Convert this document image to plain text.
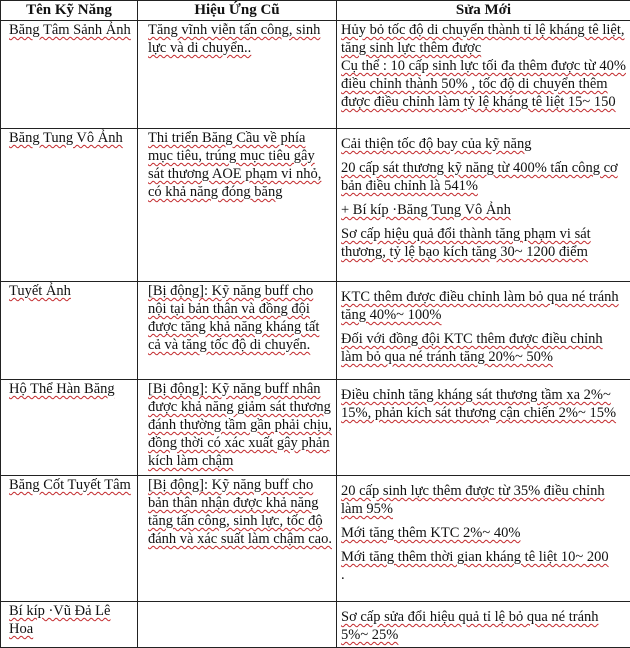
Tên Kỹ Năng	Hiệu Ứng Cũ	Sửa Mới
Băng Tâm Sảnh Ảnh	Tăng vĩnh viễn tấn công, sinh lực và di chuyển..	Hủy bỏ tốc độ di chuyển thành tỉ lệ kháng tê liệt, tăng sinh lực thêm được

Cụ thể : 10 cấp sinh lực tối đa thêm được từ 40% điều chỉnh thành 50% , tốc độ di chuyển thêm được điều chỉnh làm tỷ lệ kháng tê liệt 15~ 150

Băng Tung Vô Ảnh	Thi triển Băng Cầu về phía mục tiêu, trúng mục tiêu gây sát thương AOE phạm vi nhỏ, có khả năng đóng băng	Cải thiện tốc độ bay của kỹ năng

20 cấp sát thương kỹ năng từ 400% tấn công cơ bản điều chỉnh là 541%

+ Bí kíp ·Băng Tung Vô Ảnh

Sơ cấp hiệu quả đổi thành tăng phạm vi sát thương, tỷ lệ bạo kích tăng 30~ 1200 điểm

Tuyết Ảnh	[Bị động]: Kỹ năng buff cho nội tại bản thân và đồng đội được tăng khả năng kháng tất cả và tăng tốc độ di chuyển.	KTC thêm được điều chỉnh làm bỏ qua né tránh tăng 40%~ 100%

Đối với đồng đội KTC thêm được điều chỉnh làm bỏ qua né tránh tăng 20%~ 50%

Hộ Thể Hàn Băng	[Bị động]: Kỹ năng buff nhân được khả năng giảm sát thương đánh thường tầm gần phải chịu, đồng thời có xác xuất gây phản kích làm chậm	Điều chỉnh tăng kháng sát thương tầm xa 2%~ 15%, phản kích sát thương cận chiến 2%~ 15%

Băng Cốt Tuyết Tâm	[Bị động]: Kỹ năng buff cho bản thân nhận được khả năng tăng tấn công, sinh lực, tốc độ đánh và xác suất làm chậm cao.	20 cấp sinh lực thêm được từ 35% điều chỉnh làm 95%

Mới tăng thêm KTC 2%~ 40%

Mới tăng thêm thời gian kháng tê liệt 10~ 200

.

Bí kíp ·Vũ Đả Lê Hoa		Sơ cấp sửa đổi hiệu quả tỉ lệ bỏ qua né tránh 5%~ 25%
